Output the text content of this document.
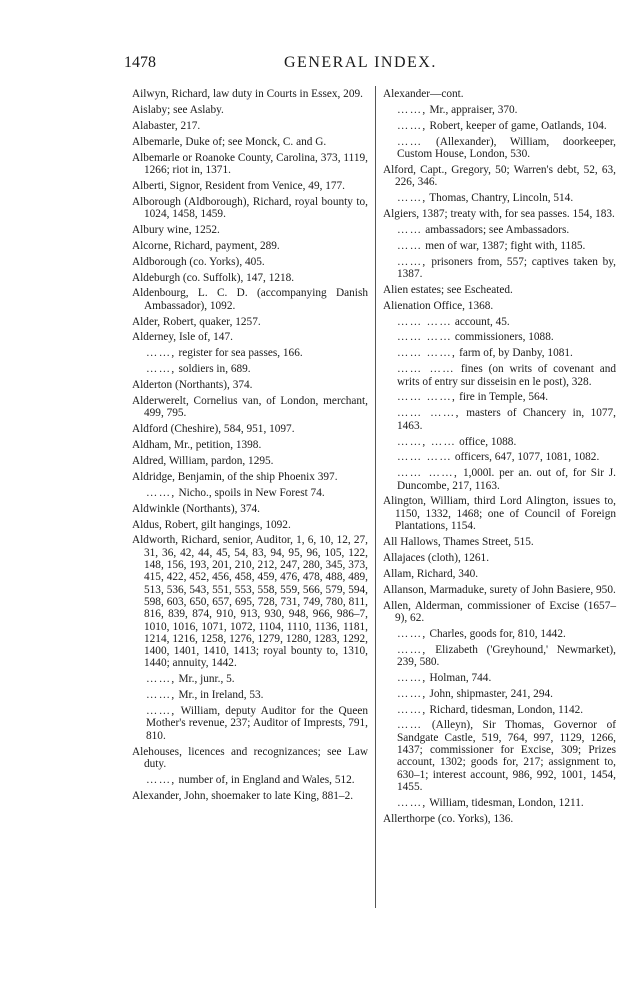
1478	GENERAL INDEX.
Ailwyn, Richard, law duty in Courts in Essex, 209.
Aislaby; see Aslaby.
Alabaster, 217.
Albemarle, Duke of; see Monck, C. and G.
Albemarle or Roanoke County, Carolina, 373, 1119, 1266; riot in, 1371.
Alberti, Signor, Resident from Venice, 49, 177.
Alborough (Aldborough), Richard, royal bounty to, 1024, 1458, 1459.
Albury wine, 1252.
Alcorne, Richard, payment, 289.
Aldborough (co. Yorks), 405.
Aldeburgh (co. Suffolk), 147, 1218.
Aldenbourg, L. C. D. (accompanying Danish Ambassador), 1092.
Alder, Robert, quaker, 1257.
Alderney, Isle of, 147.
……, register for sea passes, 166.
……, soldiers in, 689.
Alderton (Northants), 374.
Alderwerelt, Cornelius van, of London, merchant, 499, 795.
Aldford (Cheshire), 584, 951, 1097.
Aldham, Mr., petition, 1398.
Aldred, William, pardon, 1295.
Aldridge, Benjamin, of the ship Phoenix 397.
……, Nicho., spoils in New Forest 74.
Aldwinkle (Northants), 374.
Aldus, Robert, gilt hangings, 1092.
Aldworth, Richard, senior, Auditor, 1, 6, 10, 12, 27, 31, 36, 42, 44, 45, 54, 83, 94, 95, 96, 105, 122, 148, 156, 193, 201, 210, 212, 247, 280, 345, 373, 415, 422, 452, 456, 458, 459, 476, 478, 488, 489, 513, 536, 543, 551, 553, 558, 559, 566, 579, 594, 598, 603, 650, 657, 695, 728, 731, 749, 780, 811, 816, 839, 874, 910, 913, 930, 948, 966, 986–7, 1010, 1016, 1071, 1072, 1104, 1110, 1136, 1181, 1214, 1216, 1258, 1276, 1279, 1280, 1283, 1292, 1400, 1401, 1410, 1413; royal bounty to, 1310, 1440; annuity, 1442.
……, Mr., junr., 5.
……, Mr., in Ireland, 53.
……, William, deputy Auditor for the Queen Mother's revenue, 237; Auditor of Imprests, 791, 810.
Alehouses, licences and recognizances; see Law duty.
……, number of, in England and Wales, 512.
Alexander, John, shoemaker to late King, 881–2.
Alexander—cont.
……, Mr., appraiser, 370.
……, Robert, keeper of game, Oatlands, 104.
…… (Allexander), William, doorkeeper, Custom House, London, 530.
Alford, Capt., Gregory, 50; Warren's debt, 52, 63, 226, 346.
……, Thomas, Chantry, Lincoln, 514.
Algiers, 1387; treaty with, for sea passes. 154, 183.
…… ambassadors; see Ambassadors.
…… men of war, 1387; fight with, 1185.
……, prisoners from, 557; captives taken by, 1387.
Alien estates; see Escheated.
Alienation Office, 1368.
…… …… account, 45.
…… …… commissioners, 1088.
…… ……, farm of, by Danby, 1081.
…… …… fines (on writs of covenant and writs of entry sur disseisin en le post), 328.
…… ……, fire in Temple, 564.
…… ……, masters of Chancery in, 1077, 1463.
……, …… office, 1088.
…… …… officers, 647, 1077, 1081, 1082.
…… ……, 1,000l. per an. out of, for Sir J. Duncombe, 217, 1163.
Alington, William, third Lord Alington, issues to, 1150, 1332, 1468; one of Council of Foreign Plantations, 1154.
All Hallows, Thames Street, 515.
Allajaces (cloth), 1261.
Allam, Richard, 340.
Allanson, Marmaduke, surety of John Basiere, 950.
Allen, Alderman, commissioner of Excise (1657–9), 62.
……, Charles, goods for, 810, 1442.
……, Elizabeth ('Greyhound,' Newmarket), 239, 580.
……, Holman, 744.
……, John, shipmaster, 241, 294.
……, Richard, tidesman, London, 1142.
…… (Alleyn), Sir Thomas, Governor of Sandgate Castle, 519, 764, 997, 1129, 1266, 1437; commissioner for Excise, 309; Prizes account, 1302; goods for, 217; assignment to, 630–1; interest account, 986, 992, 1001, 1454, 1455.
……, William, tidesman, London, 1211.
Allerthorpe (co. Yorks), 136.
